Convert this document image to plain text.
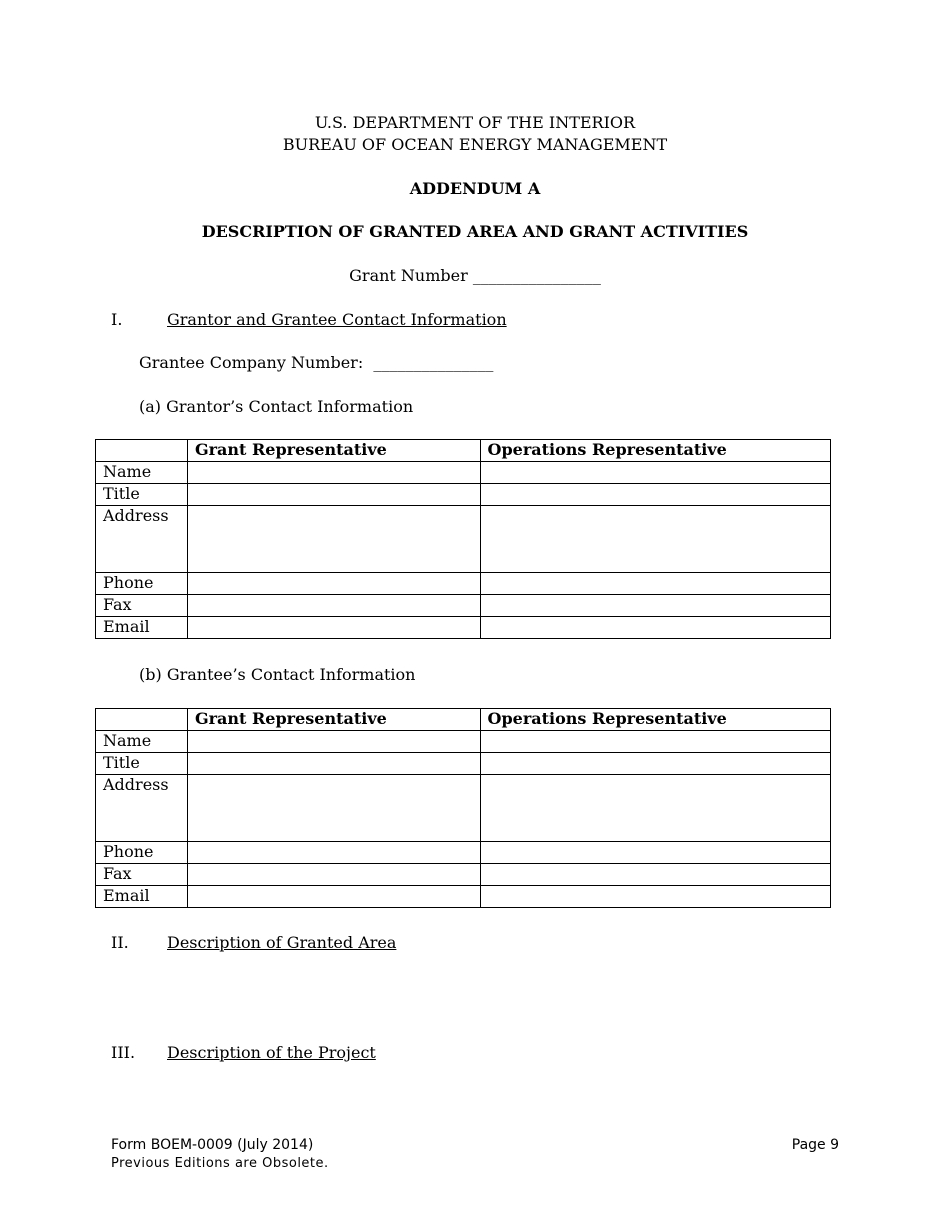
U.S. DEPARTMENT OF THE INTERIOR
BUREAU OF OCEAN ENERGY MANAGEMENT
ADDENDUM A
DESCRIPTION OF GRANTED AREA AND GRANT ACTIVITIES
Grant Number ________________
I.	Grantor and Grantee Contact Information
Grantee Company Number: _______________
(a) Grantor’s Contact Information
	Grant Representative	Operations Representative
Name		
Title		
Address		
Phone		
Fax		
Email		
(b) Grantee’s Contact Information
	Grant Representative	Operations Representative
Name		
Title		
Address		
Phone		
Fax		
Email		
II. Description of Granted Area
III. Description of the Project
Form BOEM-0009 (July 2014)
Previous Editions are Obsolete.
Page 9
